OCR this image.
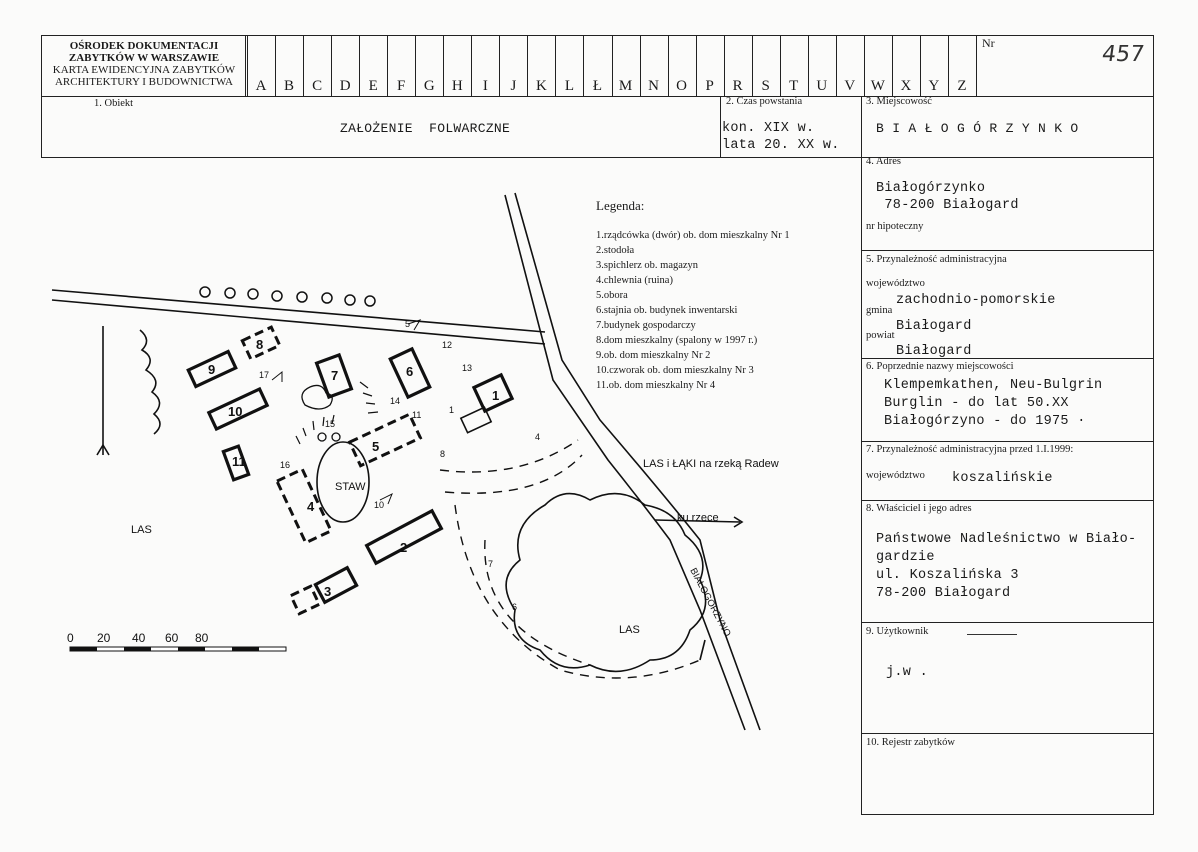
OŚRODEK DOKUMENTACJI
ZABYTKÓW W WARSZAWIE
KARTA EWIDENCYJNA ZABYTKÓW
ARCHITEKTURY I BUDOWNICTWA	A	B	C	D	E	F	G	H	I	J	K	L	Ł	M	N	O	P	R	S	T	U	V	W	X	Y	Z
Nr	457
1. Obiekt
ZAŁOŻENIE  FOLWARCZNE
2. Czas powstania
kon. XIX w.
lata 20. XX w.
3. Miejscowość
B I A Ł O G Ó R Z Y N K O
4. Adres
Białogórzynko
78-200 Białogard
nr hipoteczny
5. Przynależność administracyjna
województwo
zachodnio-pomorskie
gmina
Białogard
powiat
Białogard
6. Poprzednie nazwy miejscowości
Klempemkathen, Neu-Bulgrin
Burglin - do lat 50.XX
Białogórzyno - do 1975 ·
7. Przynależność administracyjna przed 1.I.1999:
województwo koszalińskie
8. Właściciel i jego adres
Państwowe Nadleśnictwo w Biało-
gardzie
ul. Koszalińska 3
78-200 Białogard
9. Użytkownik
j.w .
10. Rejestr zabytków
Legenda:
1.rządcówka (dwór) ob. dom mieszkalny Nr 1
2.stodoła
3.spichlerz ob. magazyn
4.chlewnia (ruina)
5.obora
6.stajnia ob. budynek inwentarski
7.budynek gospodarczy
8.dom mieszkalny (spalony w 1997 r.)
9.ob. dom mieszkalny Nr 2
10.czworak ob. dom mieszkalny Nr 3
11.ob. dom mieszkalny Nr 4
1
2
3
4
5
6
7
8
9
10
11
1
4
5
6
7
8
10
11
12
13
14
15
16
17
LAS
LAS
LAS i ŁĄKI na rzeką Radew
ku rzece
STAW
BIAŁOGÓRZYNO
0 20 40 60 80
